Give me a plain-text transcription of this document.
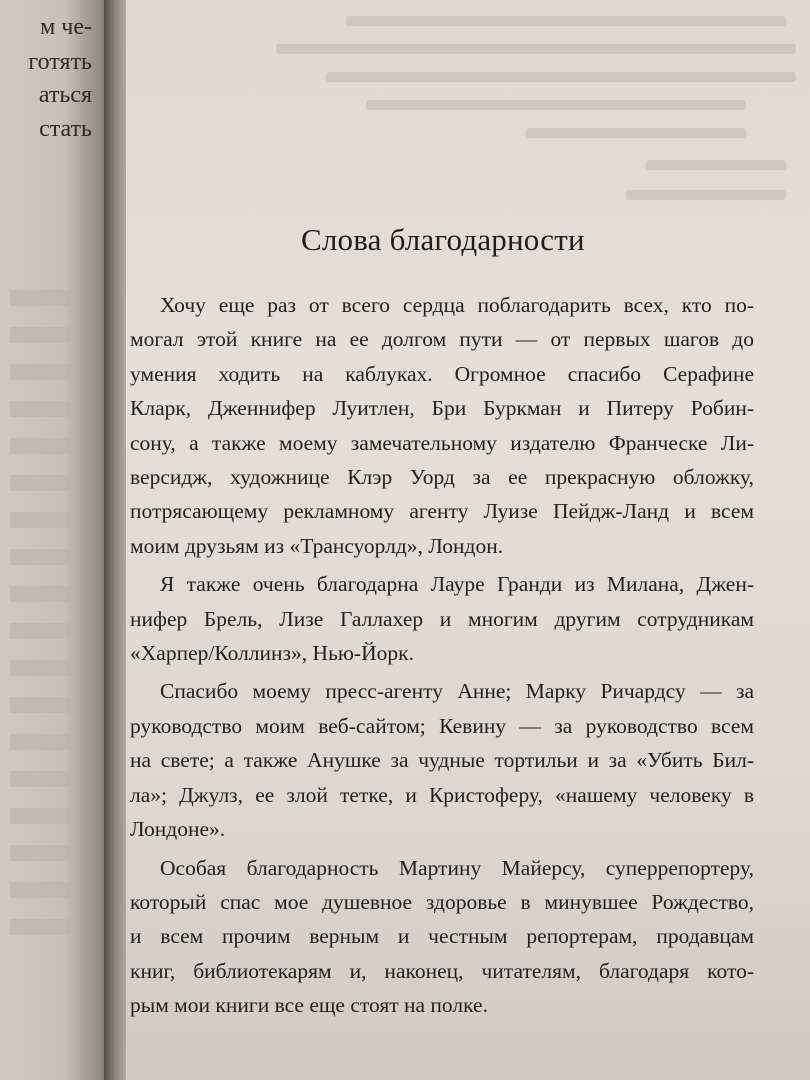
м че-
готять
аться
стать
Слова благодарности
Хочу еще раз от всего сердца поблагодарить всех, кто по-
могал этой книге на ее долгом пути — от первых шагов до
умения ходить на каблуках. Огромное спасибо Серафине
Кларк, Дженнифер Луитлен, Бри Буркман и Питеру Робин-
сону, а также моему замечательному издателю Франческе Ли-
версидж, художнице Клэр Уорд за ее прекрасную обложку,
потрясающему рекламному агенту Луизе Пейдж-Ланд и всем
моим друзьям из «Трансуорлд», Лондон.
Я также очень благодарна Лауре Гранди из Милана, Джен-
нифер Брель, Лизе Галлахер и многим другим сотрудникам
«Харпер/Коллинз», Нью-Йорк.
Спасибо моему пресс-агенту Анне; Марку Ричардсу — за
руководство моим веб-сайтом; Кевину — за руководство всем
на свете; а также Анушке за чудные тортильи и за «Убить Бил-
ла»; Джулз, ее злой тетке, и Кристоферу, «нашему человеку в
Лондоне».
Особая благодарность Мартину Майерсу, суперрепортеру,
который спас мое душевное здоровье в минувшее Рождество,
и всем прочим верным и честным репортерам, продавцам
книг, библиотекарям и, наконец, читателям, благодаря кото-
рым мои книги все еще стоят на полке.
